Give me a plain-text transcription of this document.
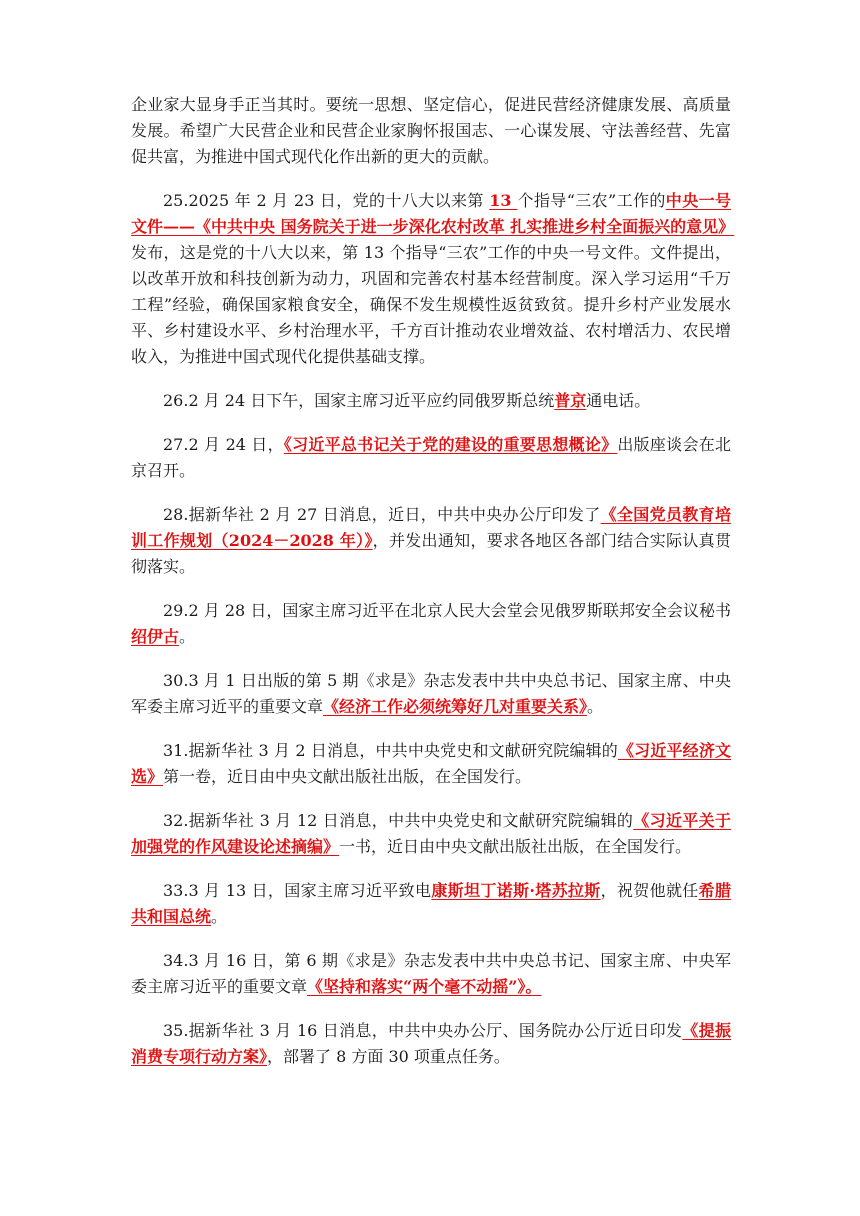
企业家大显身手正当其时。要统一思想、坚定信心，促进民营经济健康发展、高质量发展。希望广大民营企业和民营企业家胸怀报国志、一心谋发展、守法善经营、先富促共富，为推进中国式现代化作出新的更大的贡献。

25.2025 年 2 月 23 日，党的十八大以来第 13 个指导“三农”工作的中央一号文件——《中共中央 国务院关于进一步深化农村改革 扎实推进乡村全面振兴的意见》发布，这是党的十八大以来，第 13 个指导“三农”工作的中央一号文件。文件提出，以改革开放和科技创新为动力，巩固和完善农村基本经营制度。深入学习运用“千万工程”经验，确保国家粮食安全，确保不发生规模性返贫致贫。提升乡村产业发展水平、乡村建设水平、乡村治理水平，千方百计推动农业增效益、农村增活力、农民增收入，为推进中国式现代化提供基础支撑。

26.2 月 24 日下午，国家主席习近平应约同俄罗斯总统普京通电话。

27.2 月 24 日，《习近平总书记关于党的建设的重要思想概论》出版座谈会在北京召开。

28.据新华社 2 月 27 日消息，近日，中共中央办公厅印发了《全国党员教育培训工作规划（2024－2028 年）》，并发出通知，要求各地区各部门结合实际认真贯彻落实。

29.2 月 28 日，国家主席习近平在北京人民大会堂会见俄罗斯联邦安全会议秘书绍伊古。

30.3 月 1 日出版的第 5 期《求是》杂志发表中共中央总书记、国家主席、中央军委主席习近平的重要文章《经济工作必须统筹好几对重要关系》。

31.据新华社 3 月 2 日消息，中共中央党史和文献研究院编辑的《习近平经济文选》第一卷，近日由中央文献出版社出版，在全国发行。

32.据新华社 3 月 12 日消息，中共中央党史和文献研究院编辑的《习近平关于加强党的作风建设论述摘编》一书，近日由中央文献出版社出版，在全国发行。

33.3 月 13 日，国家主席习近平致电康斯坦丁诺斯·塔苏拉斯，祝贺他就任希腊共和国总统。

34.3 月 16 日，第 6 期《求是》杂志发表中共中央总书记、国家主席、中央军委主席习近平的重要文章《坚持和落实“两个毫不动摇”》。

35.据新华社 3 月 16 日消息，中共中央办公厅、国务院办公厅近日印发《提振消费专项行动方案》，部署了 8 方面 30 项重点任务。
